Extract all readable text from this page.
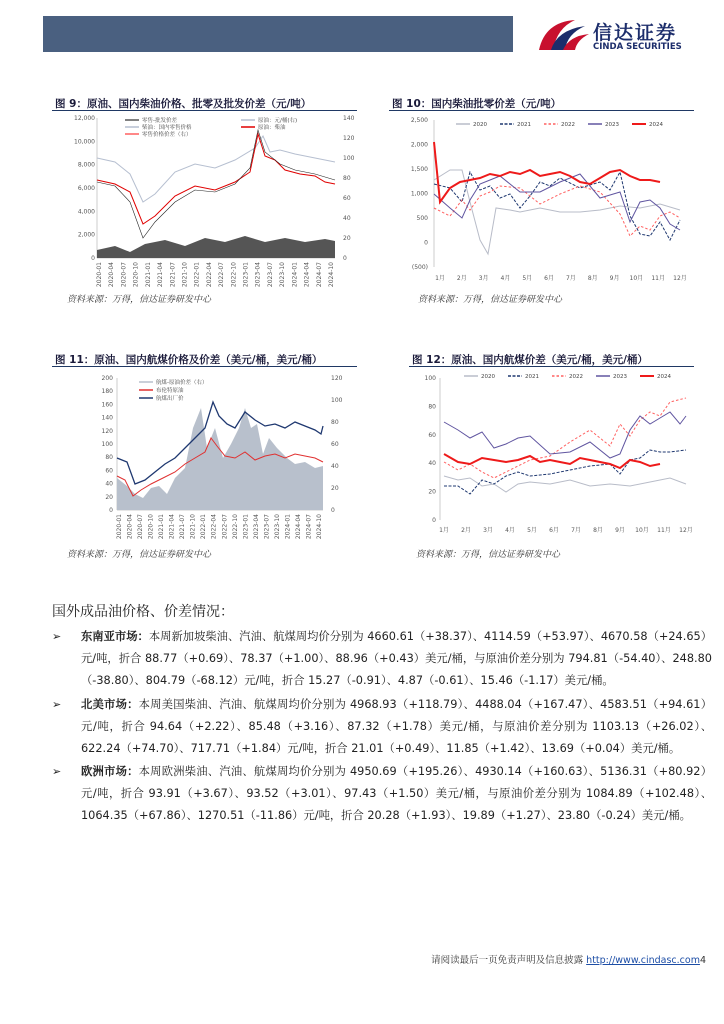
信达证券
CINDA SECURITIES
图 9：原油、国内柴油价格、批零及批发价差（元/吨）
12,000
10,000
8,000
6,000
4,000
2,000
0
140
120
100
80
60
40
20
0
2020-01 2020-04 2020-07 2020-10 2021-01 2021-04 2021-07 2021-10 2022-01 2022-04 2022-07 2022-10 2023-01 2023-04 2023-07 2023-10 2024-01 2024-04 2024-07 2024-10
零售-批发价差	原油：元/桶(右)
柴油：国内零售价格	原油：柴油
零售价格价差（右）
资料来源：万得，信达证券研发中心
图 10：国内柴油批零价差（元/吨）
2,500
2,000
1,500
1,000
500
0
(500)
1月 2月 3月 4月 5月 6月 7月 8月 9月 10月 11月 12月
2020	2021	2022	2023	2024
资料来源：万得，信达证券研发中心
图 11：原油、国内航煤价格及价差（美元/桶，美元/桶）
200
180
160
140
120
100
80
60
40
20
0
120
100
80
60
40
20
0
2020-01 2020-04 2020-07 2020-10 2021-01 2021-04 2021-07 2021-10 2022-01 2022-04 2022-07 2022-10 2023-01 2023-04 2023-07 2023-10 2024-01 2024-04 2024-07 2024-10
航煤-原油价差（右）
布伦特原油
航煤出厂价
资料来源：万得，信达证券研发中心
图 12：原油、国内航煤价差（美元/桶，美元/桶）
100
80
60
40
20
0
1月 2月 3月 4月 5月 6月 7月 8月 9月 10月 11月 12月
2020	2021	2022	2023	2024
资料来源：万得，信达证券研发中心
国外成品油价格、价差情况：
➢ 东南亚市场：本周新加坡柴油、汽油、航煤周均价分别为 4660.61（+38.37）、4114.59（+53.97）、4670.58（+24.65）元/吨，折合 88.77（+0.69）、78.37（+1.00）、88.96（+0.43）美元/桶，与原油价差分别为 794.81（-54.40）、248.80（-38.80）、804.79（-68.12）元/吨，折合 15.27（-0.91）、4.87（-0.61）、15.46（-1.17）美元/桶。
➢ 北美市场：本周美国柴油、汽油、航煤周均价分别为 4968.93（+118.79）、4488.04（+167.47）、4583.51（+94.61）元/吨，折合 94.64（+2.22）、85.48（+3.16）、87.32（+1.78）美元/桶，与原油价差分别为 1103.13（+26.02）、622.24（+74.70）、717.71（+1.84）元/吨，折合 21.01（+0.49）、11.85（+1.42）、13.69（+0.04）美元/桶。
➢ 欧洲市场：本周欧洲柴油、汽油、航煤周均价分别为 4950.69（+195.26）、4930.14（+160.63）、5136.31（+80.92）元/吨，折合 93.91（+3.67）、93.52（+3.01）、97.43（+1.50）美元/桶，与原油价差分别为 1084.89（+102.48）、1064.35（+67.86）、1270.51（-11.86）元/吨，折合 20.28（+1.93）、19.89（+1.27）、23.80（-0.24）美元/桶。
请阅读最后一页免责声明及信息披露 http://www.cindasc.com4
